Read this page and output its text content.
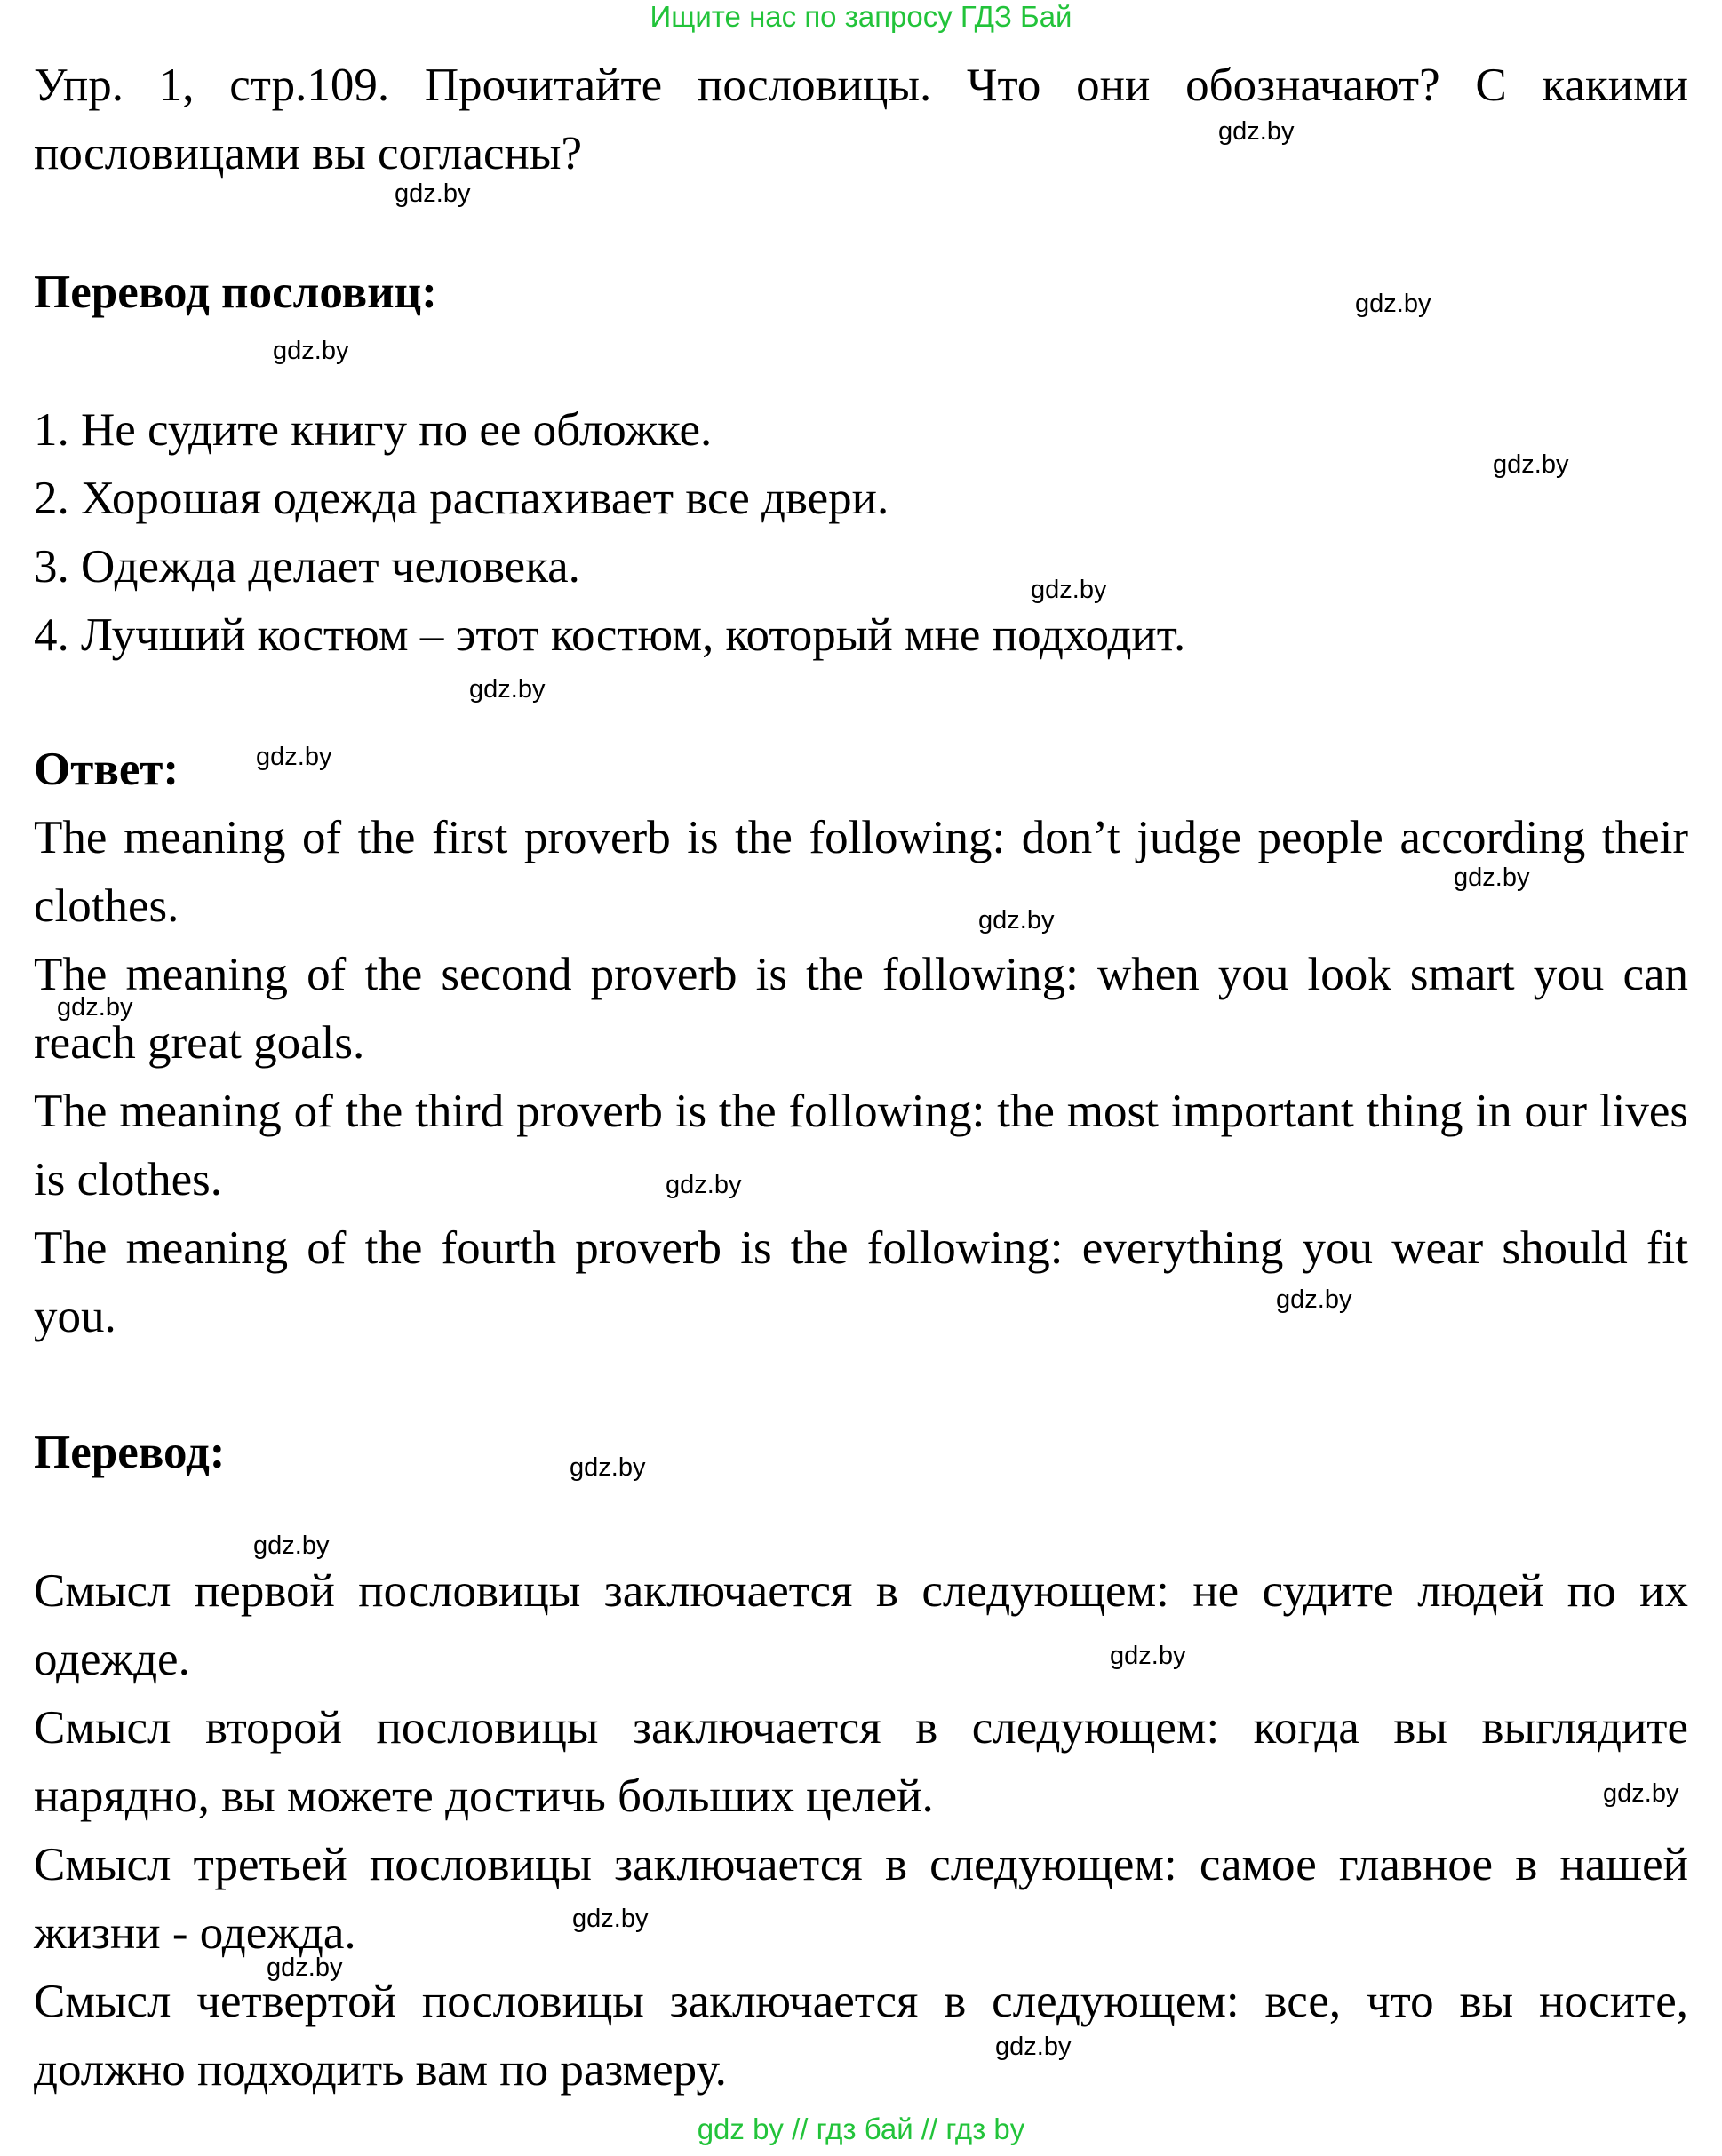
Ищите нас по запросу ГДЗ Бай

Упр. 1, стр.109. Прочитайте пословицы. Что они обозначают? С какими пословицами вы согласны?

Перевод пословиц:

1. Не судите книгу по ее обложке.

2. Хорошая одежда распахивает все двери.

3. Одежда делает человека.

4. Лучший костюм – этот костюм, который мне подходит.

Ответ:

The meaning of the first proverb is the following: don’t judge people according their clothes.

The meaning of the second proverb is the following: when you look smart you can reach great goals.

The meaning of the third proverb is the following: the most important thing in our lives is clothes.

The meaning of the fourth proverb is the following: everything you wear should fit you.

Перевод:

Смысл первой пословицы заключается в следующем: не судите людей по их одежде.

Смысл второй пословицы заключается в следующем: когда вы выглядите нарядно, вы можете достичь больших целей.

Смысл третьей пословицы заключается в следующем: самое главное в нашей жизни - одежда.

Смысл четвертой пословицы заключается в следующем: все, что вы носите, должно подходить вам по размеру.

gdz.by
gdz.by
gdz.by
gdz.by
gdz.by
gdz.by
gdz.by
gdz.by
gdz.by
gdz.by
gdz.by
gdz.by
gdz.by
gdz.by
gdz.by
gdz.by
gdz.by
gdz.by
gdz.by
gdz.by
gdz by // гдз бай // гдз by
